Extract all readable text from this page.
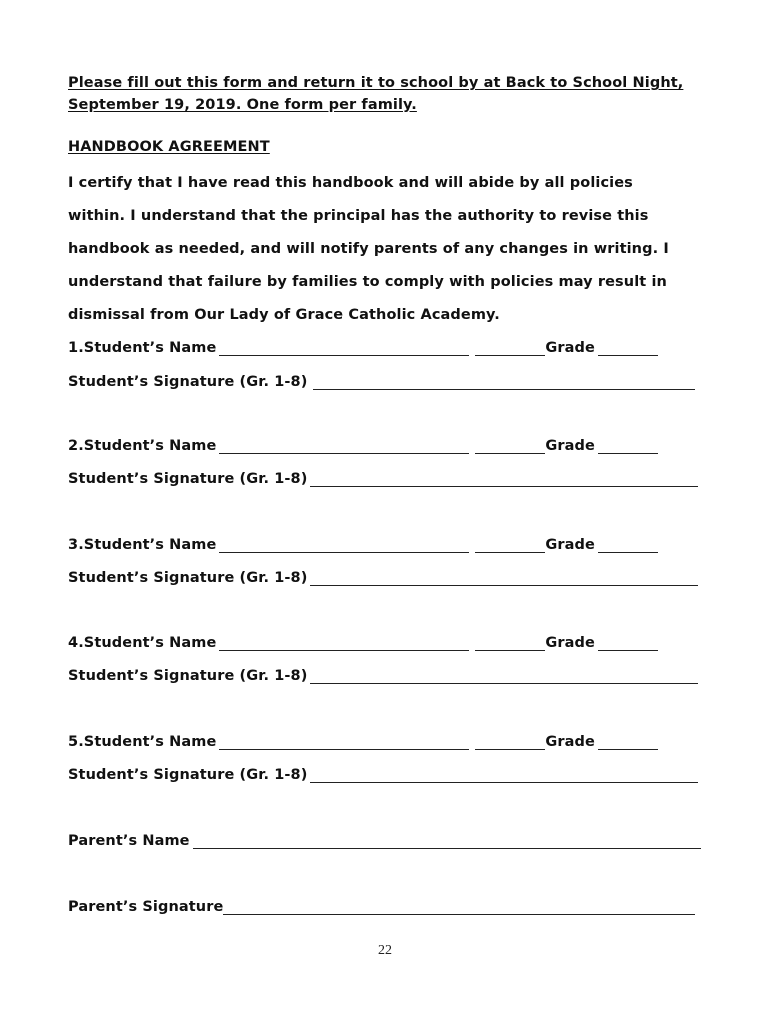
Please fill out this form and return it to school by at Back to School Night,
September 19, 2019. One form per family.
HANDBOOK AGREEMENT
I certify that I have read this handbook and will abide by all policies
within. I understand that the principal has the authority to revise this
handbook as needed, and will notify parents of any changes in writing. I
understand that failure by families to comply with policies may result in
dismissal from Our Lady of Grace Catholic Academy.
1.Student’s Name	Grade
Student’s Signature (Gr. 1-8)
2.Student’s Name	Grade
Student’s Signature (Gr. 1-8)
3.Student’s Name	Grade
Student’s Signature (Gr. 1-8)
4.Student’s Name	Grade
Student’s Signature (Gr. 1-8)
5.Student’s Name	Grade
Student’s Signature (Gr. 1-8)
Parent’s Name
Parent’s Signature
22
